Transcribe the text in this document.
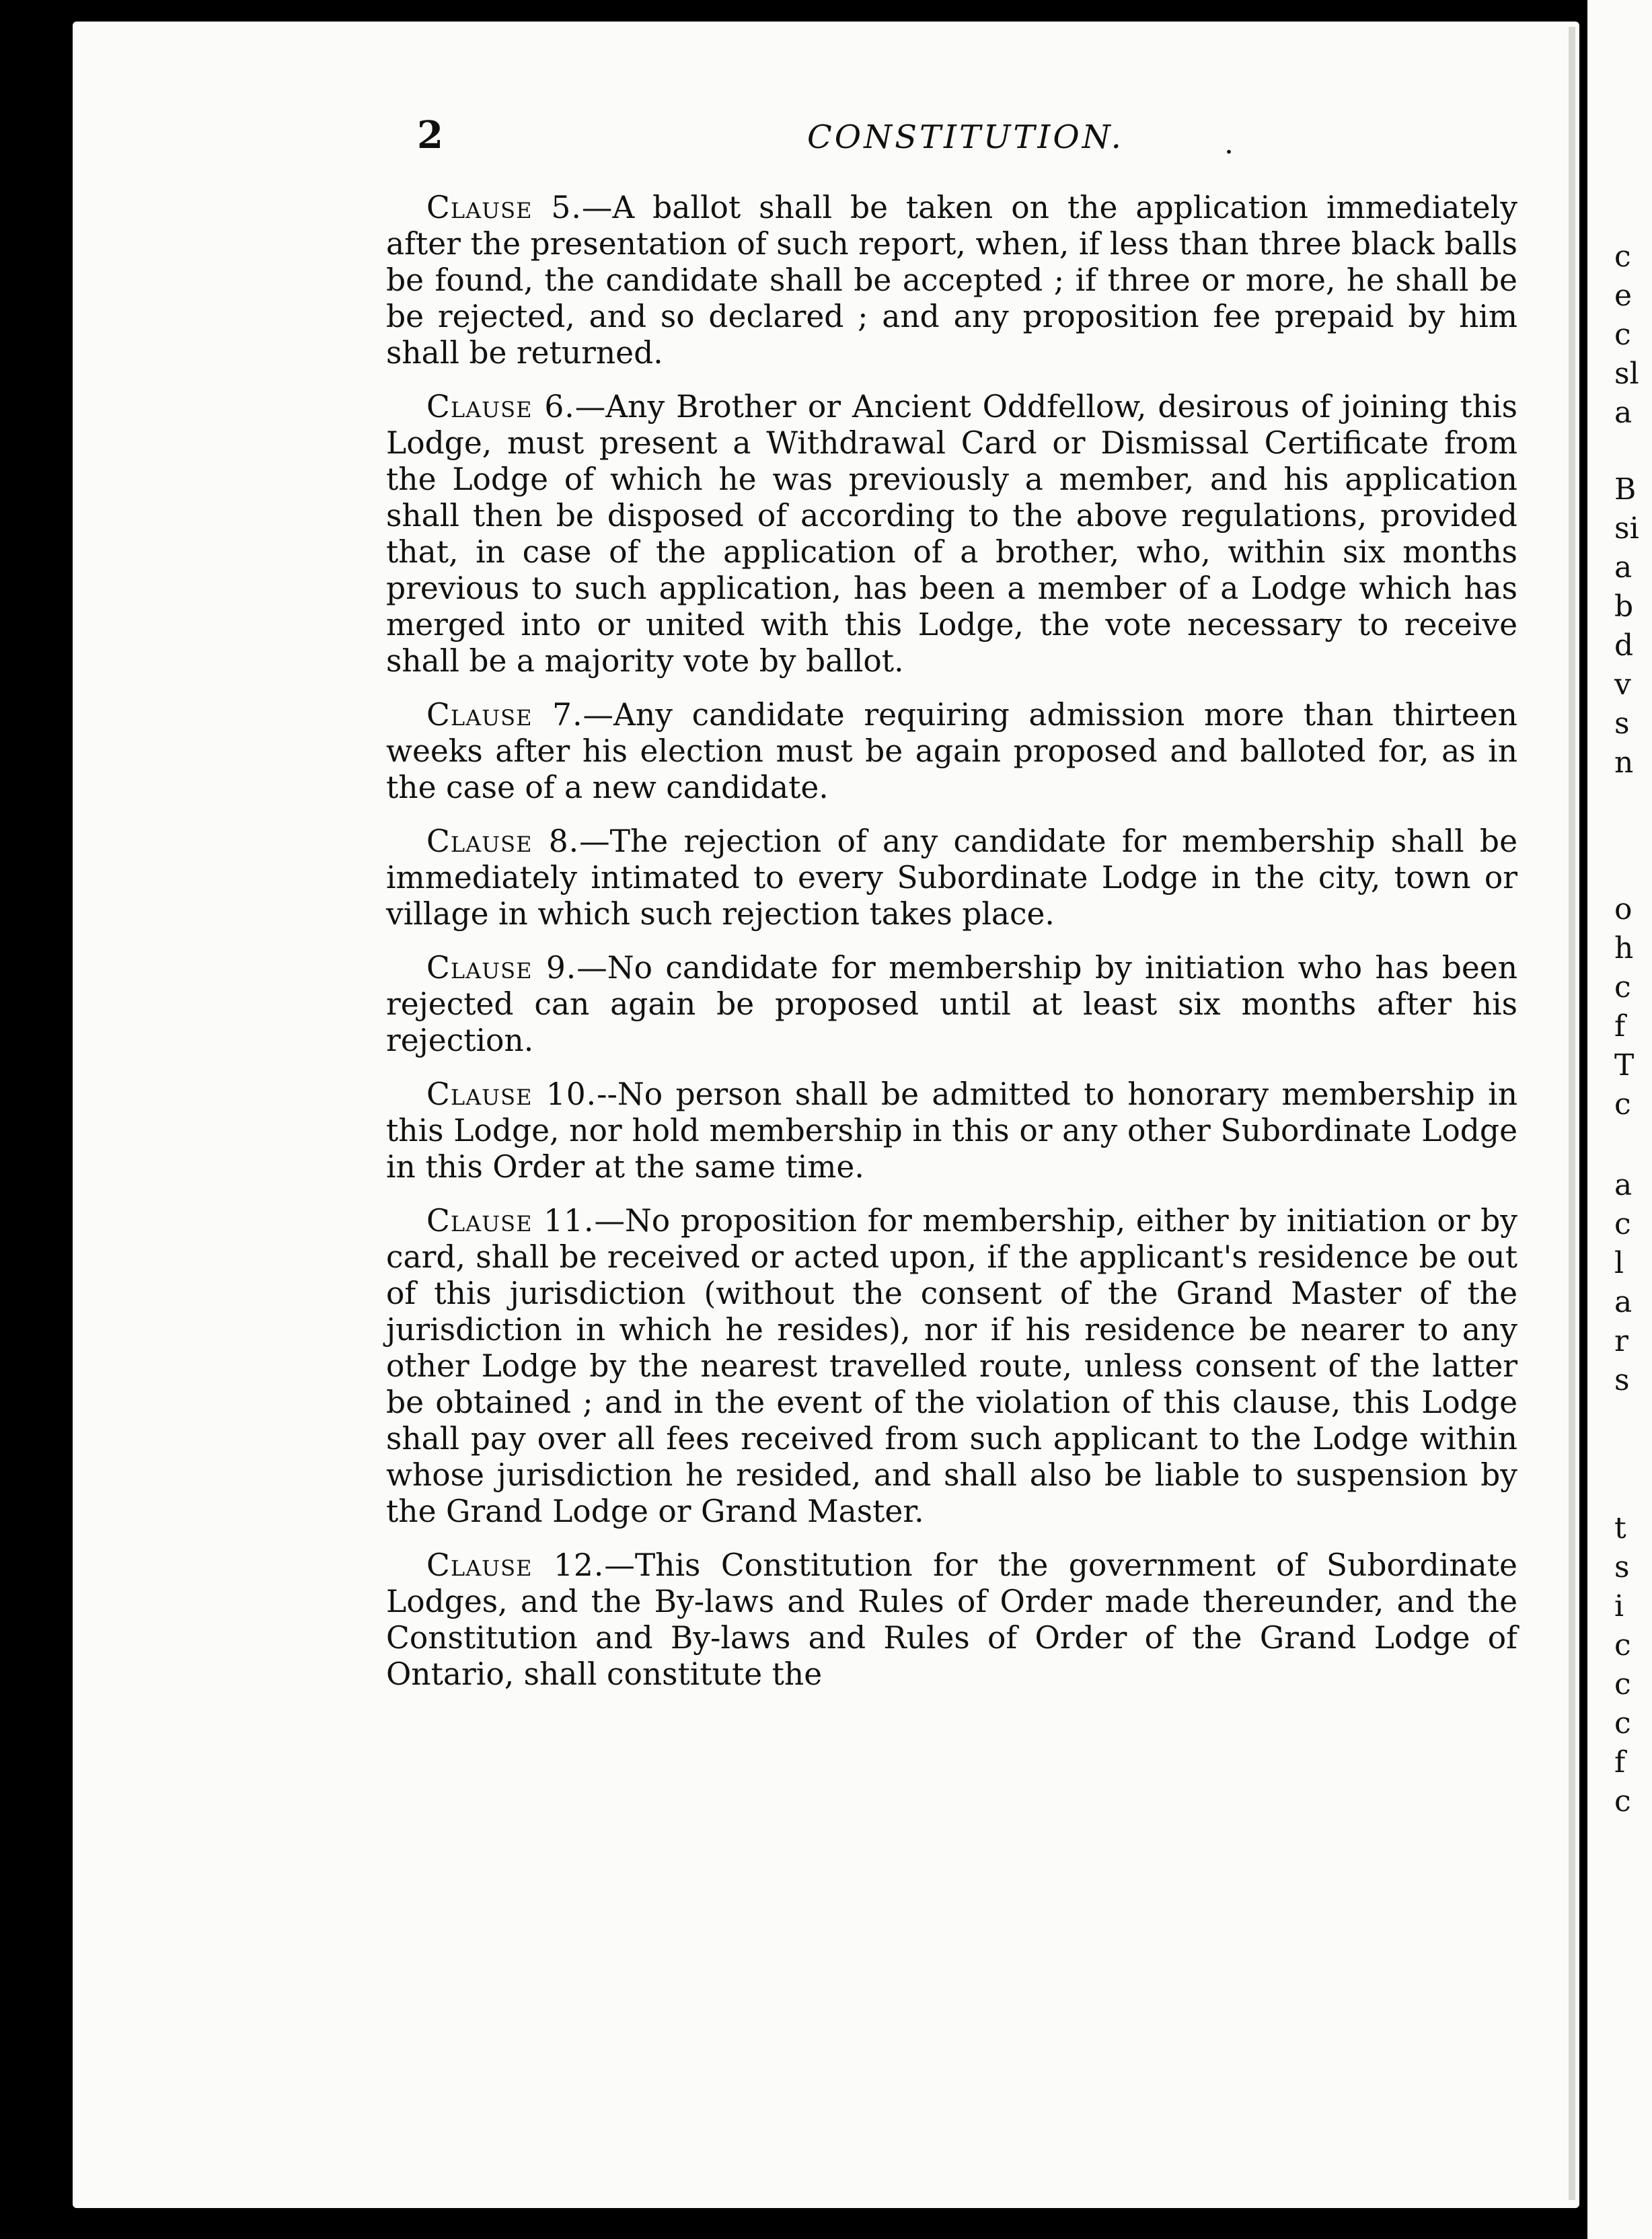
c
e
c
sl
a
B
si
a
b
d
v
s
n
o
h
c
f
T
c
a
c
l
a
r
s
t
s
i
c
c
c
f
c
2	CONSTITUTION.	.

Clause 5.—A ballot shall be taken on the application immediately after the presentation of such report, when, if less than three black balls be found, the candidate shall be accepted ; if three or more, he shall be be rejected, and so declared ; and any proposition fee prepaid by him shall be returned.

Clause 6.—Any Brother or Ancient Oddfellow, desirous of joining this Lodge, must present a Withdrawal Card or Dismissal Certificate from the Lodge of which he was previously a member, and his application shall then be disposed of according to the above regulations, provided that, in case of the application of a brother, who, within six months previous to such application, has been a member of a Lodge which has merged into or united with this Lodge, the vote necessary to receive shall be a majority vote by ballot.

Clause 7.—Any candidate requiring admission more than thirteen weeks after his election must be again proposed and balloted for, as in the case of a new candidate.

Clause 8.—The rejection of any candidate for membership shall be immediately intimated to every Subordinate Lodge in the city, town or village in which such rejection takes place.

Clause 9.—No candidate for membership by initiation who has been rejected can again be proposed until at least six months after his rejection.

Clause 10.--No person shall be admitted to honorary membership in this Lodge, nor hold membership in this or any other Subordinate Lodge in this Order at the same time.

Clause 11.—No proposition for membership, either by initiation or by card, shall be received or acted upon, if the applicant's residence be out of this jurisdiction (without the consent of the Grand Master of the jurisdiction in which he resides), nor if his residence be nearer to any other Lodge by the nearest travelled route, unless consent of the latter be obtained ; and in the event of the violation of this clause, this Lodge shall pay over all fees received from such applicant to the Lodge within whose jurisdiction he resided, and shall also be liable to suspension by the Grand Lodge or Grand Master.

Clause 12.—This Constitution for the government of Subordinate Lodges, and the By-laws and Rules of Order made thereunder, and the Constitution and By-laws and Rules of Order of the Grand Lodge of Ontario, shall constitute the
